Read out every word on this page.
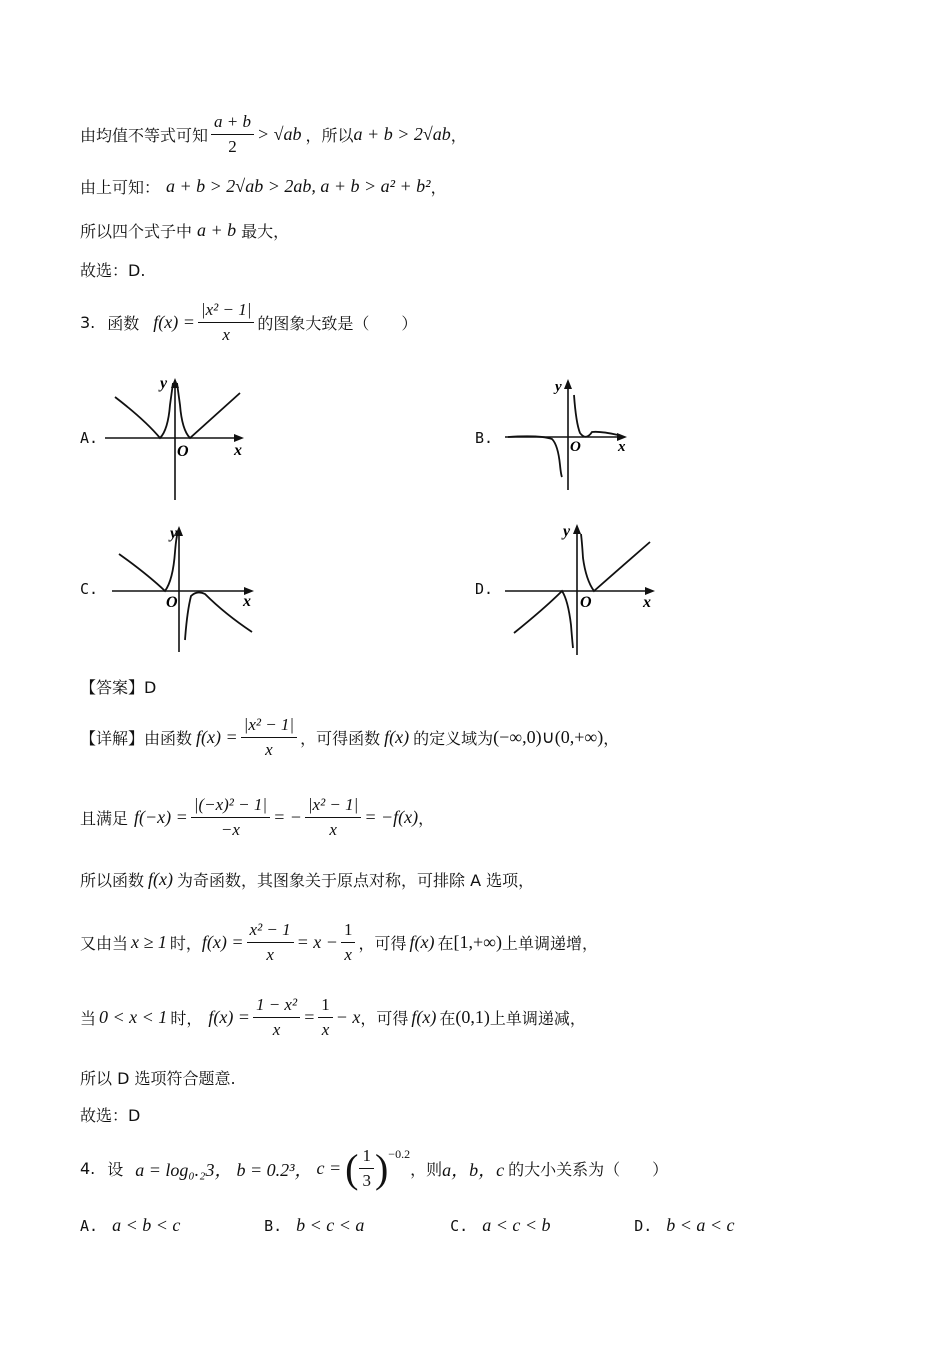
由均值不等式可知 $\frac{a + b}{2} > √ab$ ，所以 a + b > 2√ab ，
由上可知： a + b > 2√ab > 2ab, a + b > a² + b² ，
所以四个式子中 a + b 最大，
故选：D.
3. 函数 $f(x) = \frac{\text{|x² − 1|}}{x}$ 的图象大致是（　　）
A.
y
x
O
B.
y
x
O
C.
y
x
O
D.
y
x
O
【答案】D
【详解】由函数 $f(x) = \frac{\text{|x² − 1|}}{x}$ ，可得函数 f(x) 的定义域为 (−∞,0)∪(0,+∞) ，
且满足 $f(-x) = \frac{\text{|(−x)² − 1|}}{-x}$ = − $\frac{\text{|x² − 1|}}{x} = -f(x)$ ，
所以函数 f(x) 为奇函数，其图象关于原点对称，可排除 A 选项，
又由当 x ≥ 1 时， $f(x) = \frac{\text{x² − 1}}{x} = x - \frac{1}{x}$ ，可得 f(x) 在 [1,+∞) 上单调递增，
当 0 < x < 1 时， $f(x) = \frac{\text{1 − x²}}{x} = \frac{1}{x} - x$ ，可得 f(x) 在 (0,1) 上单调递减，
所以 D 选项符合题意.
故选：D
4. 设 a = log₀.₂3， b = 0.2³， c = ( $\frac{1}{3}$ ) −0.2
，则 a，b，c 的大小关系为（　　）
A. a < b < c	B. b < c < a	C. a < c < b	D. b < a < c
